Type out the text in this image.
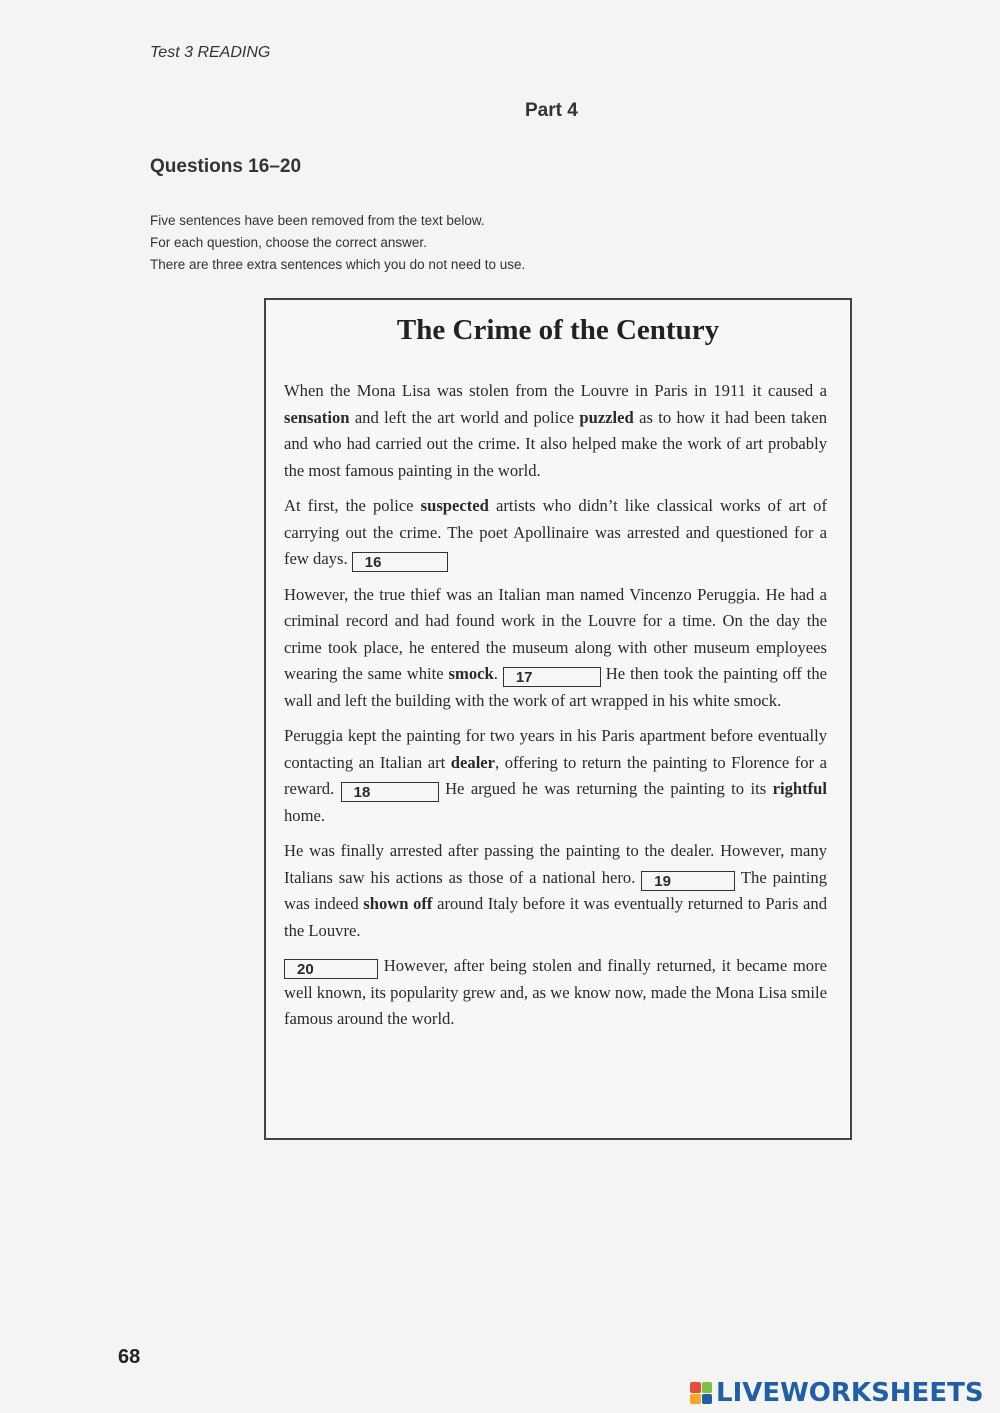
Test 3 READING
Part 4
Questions 16–20
Five sentences have been removed from the text below.
For each question, choose the correct answer.
There are three extra sentences which you do not need to use.
The Crime of the Century

When the Mona Lisa was stolen from the Louvre in Paris in 1911 it caused a sensation and left the art world and police puzzled as to how it had been taken and who had carried out the crime. It also helped make the work of art probably the most famous painting in the world.

At first, the police suspected artists who didn’t like classical works of art of carrying out the crime. The poet Apollinaire was arrested and questioned for a few days. 16

However, the true thief was an Italian man named Vincenzo Peruggia. He had a criminal record and had found work in the Louvre for a time. On the day the crime took place, he entered the museum along with other museum employees wearing the same white smock. 17	He then took the painting off the wall and left the building with the work of art wrapped in his white smock.

Peruggia kept the painting for two years in his Paris apartment before eventually contacting an Italian art dealer, offering to return the painting to Florence for a reward. 18	He argued he was returning the painting to its rightful home.

He was finally arrested after passing the painting to the dealer. However, many Italians saw his actions as those of a national hero. 19	The painting was indeed shown off around Italy before it was eventually returned to Paris and the Louvre.

20	However, after being stolen and finally returned, it became more well known, its popularity grew and, as we know now, made the Mona Lisa smile famous around the world.

68
LIVEWORKSHEETS
